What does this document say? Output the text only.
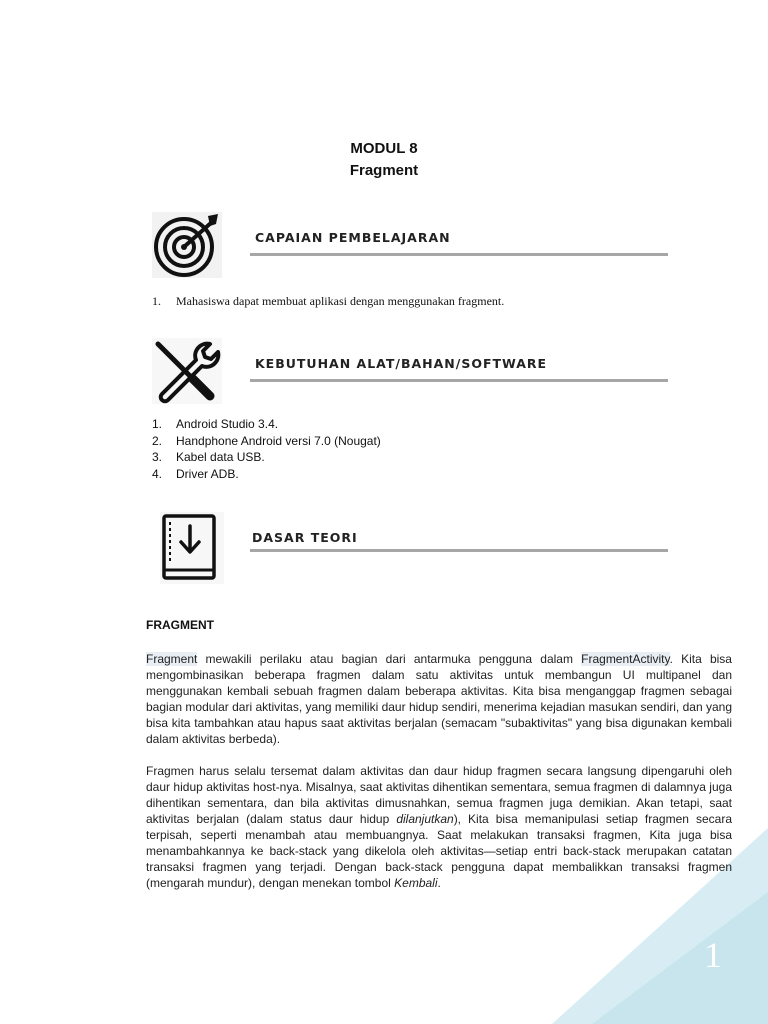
1
MODUL 8
Fragment
CAPAIAN PEMBELAJARAN
1. Mahasiswa dapat membuat aplikasi dengan menggunakan fragment.
KEBUTUHAN ALAT/BAHAN/SOFTWARE
1. Android Studio 3.4.
2. Handphone Android versi 7.0 (Nougat)
3. Kabel data USB.
4. Driver ADB.
DASAR TEORI
FRAGMENT

Fragment mewakili perilaku atau bagian dari antarmuka pengguna dalam FragmentActivity. Kita bisa mengombinasikan beberapa fragmen dalam satu aktivitas untuk membangun UI multipanel dan menggunakan kembali sebuah fragmen dalam beberapa aktivitas. Kita bisa menganggap fragmen sebagai bagian modular dari aktivitas, yang memiliki daur hidup sendiri, menerima kejadian masukan sendiri, dan yang bisa kita tambahkan atau hapus saat aktivitas berjalan (semacam "subaktivitas" yang bisa digunakan kembali dalam aktivitas berbeda).

Fragmen harus selalu tersemat dalam aktivitas dan daur hidup fragmen secara langsung dipengaruhi oleh daur hidup aktivitas host-nya. Misalnya, saat aktivitas dihentikan sementara, semua fragmen di dalamnya juga dihentikan sementara, dan bila aktivitas dimusnahkan, semua fragmen juga demikian. Akan tetapi, saat aktivitas berjalan (dalam status daur hidup dilanjutkan), Kita bisa memanipulasi setiap fragmen secara terpisah, seperti menambah atau membuangnya. Saat melakukan transaksi fragmen, Kita juga bisa menambahkannya ke back-stack yang dikelola oleh aktivitas—setiap entri back-stack merupakan catatan transaksi fragmen yang terjadi. Dengan back-stack pengguna dapat membalikkan transaksi fragmen (mengarah mundur), dengan menekan tombol Kembali.
